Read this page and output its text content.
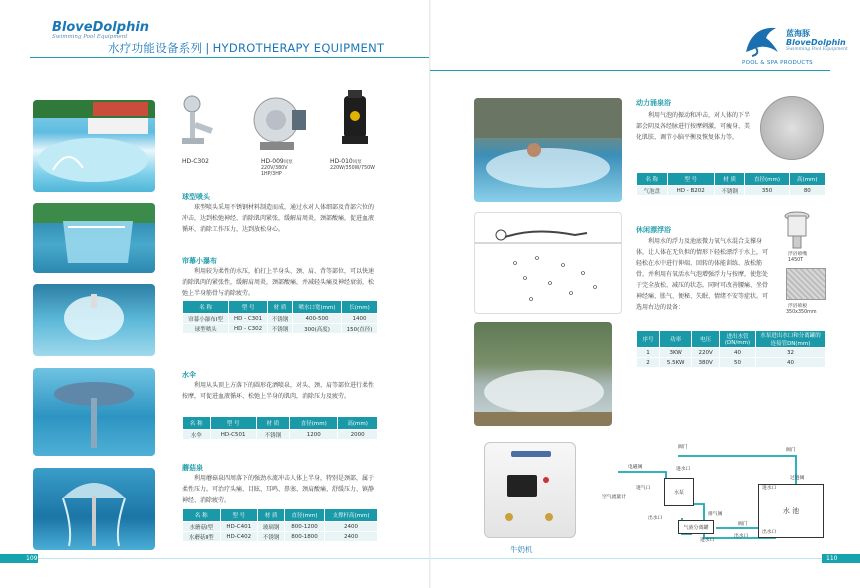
BloveDolphin
Swimming Pool Equipment
水疗功能设备系列 | HYDROTHERAPY EQUIPMENT
HD-C302	HD-009风泵
220V/380V
1HP/3HP
HD-010风泵
220W/350W/750W
球型喷头
球型喷头采用不锈钢材料制造而成，通过水对人体细部及背部穴位的冲击，达到松弛神经、消除肌肉紧张，缓解肩周炎，颈部酸痛，促进血液循环，消除工作压力，达到放松身心。
帘幕小瀑布
利用较为柔性的水压，拍打上半身头、颈、肩、背等部位，可以快速消除肌肉的紧张性，缓解肩周炎，颈部酸痛，并减轻头痛及神经衰弱，松弛上半身筋骨与消除疲劳。
名 称	型 号	材 质	喷水口宽(mm)	长(mm)
帘幕小瀑布Ⅰ型	HD - C301	不锈钢	400-500	1400
球型喷头	HD - C302	不锈钢	300(高度)	150(直径)
水伞
利用从头顶上方落下的圆形花洒喷泉，对头、颈、肩等部位进行柔性按摩，可促进血液循环、松弛上半身的肌肉，消除压力及疲劳。
名 称	型 号	材 质	直径(mm)	高(mm)
水伞	HD-C501	不锈钢	1200	2000
蘑菇泉
利用蘑菇泉四周落下的强劲水流冲击人体上半身，特别是颈部，属于柔性压力。可治疗头痛、目眩、耳鸣、鼻塞、颈肩酸痛、舒缓压力、镇静神经、消除疲劳。
名 称	型 号	材 质	直径(mm)	支撑杆高(mm)
水蘑菇Ⅰ型	HD-C401	玻璃钢	800-1200	2400
水蘑菇Ⅱ型	HD-C402	不锈钢	800-1800	2400
109
蓝海豚
BloveDolphin
Swimming Pool Equipment
POOL & SPA PRODUCTS
动力涌泉浴
利用气泡的振动和冲击，对人体的下半部会阴及各经脉进行按摩刺激，可瘦身、美化肌肤、调节小脑平衡及恢复体力等。
名 称	型 号	材 质	直径(mm)	高(mm)
气泡盘	HD - B202	不锈钢	350	80
休闲漂浮浴
利用水的浮力及池底微力氧气水混合支撑身体，让人体在无负担的情形下轻松漂浮于水上，可轻松在水中进行伸端、回转的体能训练、放松筋骨，并利用有氧活水气泡增强浮力与按摩，使您处于完全放松、减压的状态。同时可改善腰痛、坐骨神经痛、胀气、便秘、失眠、情绪不安等症状。可选用右边的设备：
浮浴喷嘴
1450T
浮浴喷板
350x350mm
序号	功率	电压	进出水管(DN/mm)	水泵进出水口和分离罐的连接管DN(mm)
1	3KW	220V	40	32
2	5.5KW	380V	50	40
牛奶机
水泵
气液分离罐
水 池
阀门
电磁阀
空气流量计
进气口
进水口
出水口
排气阀
阀门
出水口
进水口
进水口
过进阀
阀门
出水口
110
